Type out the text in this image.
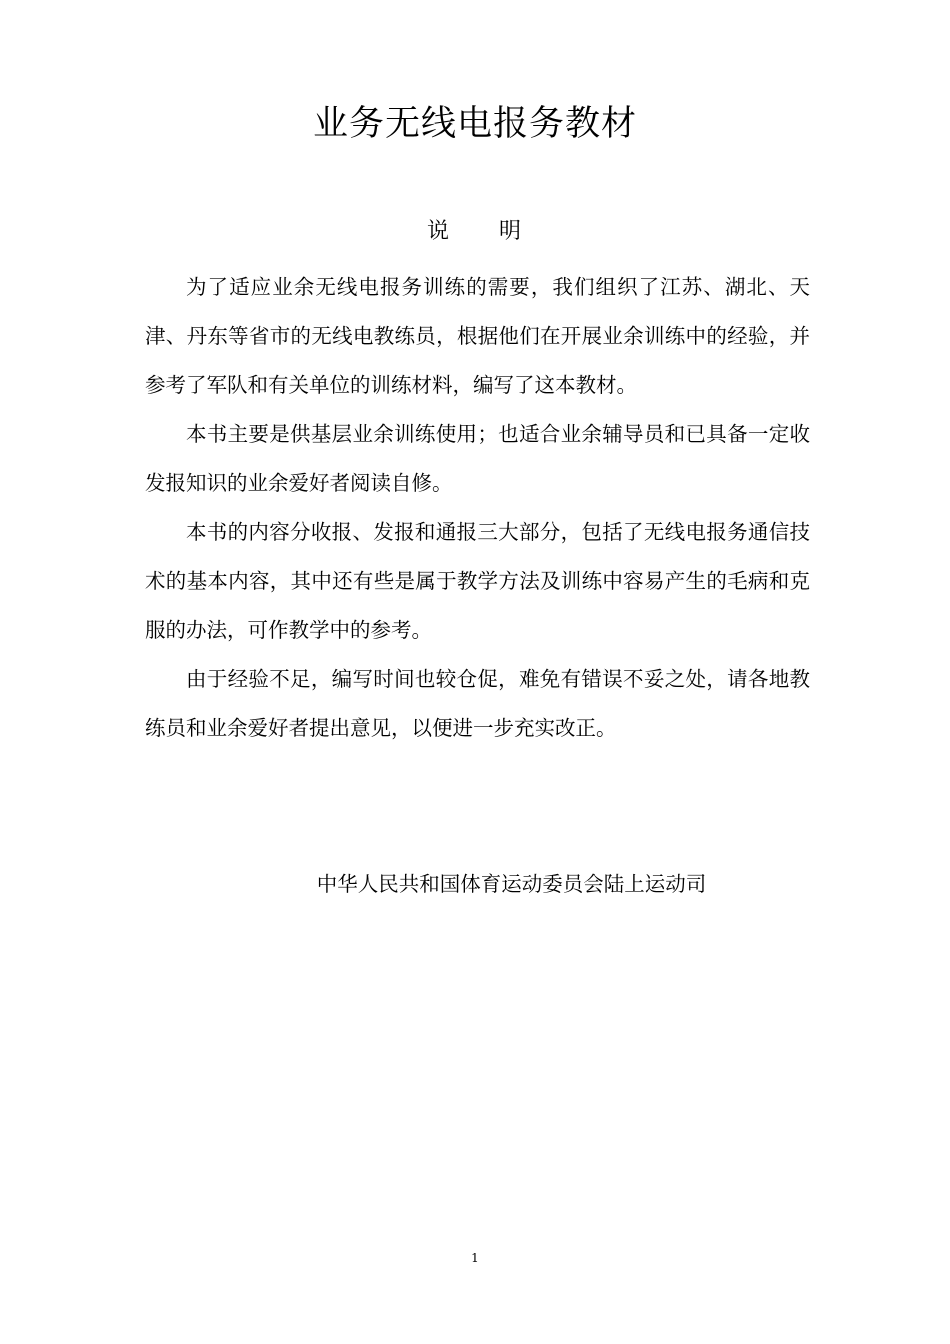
业务无线电报务教材
说　　明

为了适应业余无线电报务训练的需要，我们组织了江苏、湖北、天津、丹东等省市的无线电教练员，根据他们在开展业余训练中的经验，并参考了军队和有关单位的训练材料，编写了这本教材。

本书主要是供基层业余训练使用；也适合业余辅导员和已具备一定收发报知识的业余爱好者阅读自修。

本书的内容分收报、发报和通报三大部分，包括了无线电报务通信技术的基本内容，其中还有些是属于教学方法及训练中容易产生的毛病和克服的办法，可作教学中的参考。

由于经验不足，编写时间也较仓促，难免有错误不妥之处，请各地教练员和业余爱好者提出意见，以便进一步充实改正。

中华人民共和国体育运动委员会陆上运动司

1
